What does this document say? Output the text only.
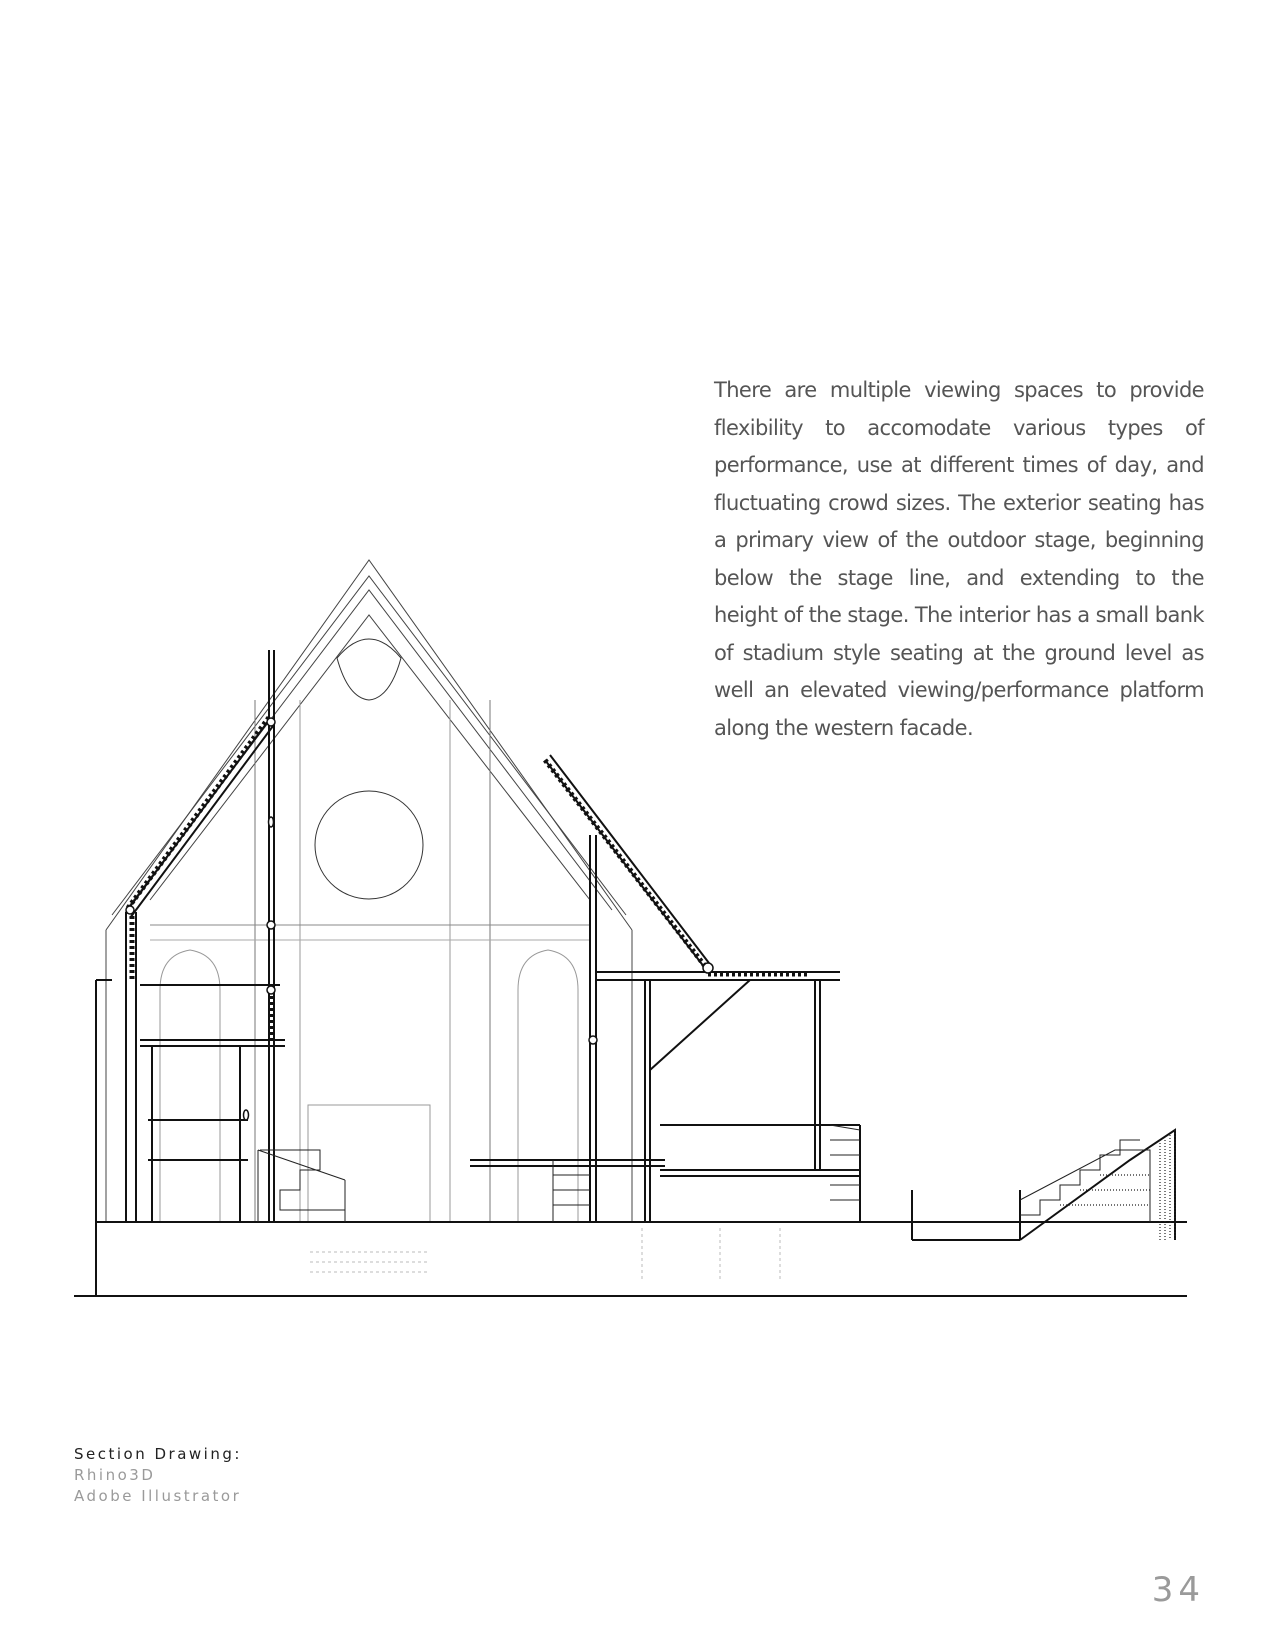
There are multiple viewing spaces to provide flexibility to accomodate various types of performance, use at different times of day, and fluctuating crowd sizes. The exterior seating has a primary view of the outdoor stage, beginning below the stage line, and extending to the height of the stage. The interior has a small bank of stadium style seating at the ground level as well an elevated viewing/performance platform along the western facade.

Section Drawing:
Rhino3D
Adobe Illustrator
34
